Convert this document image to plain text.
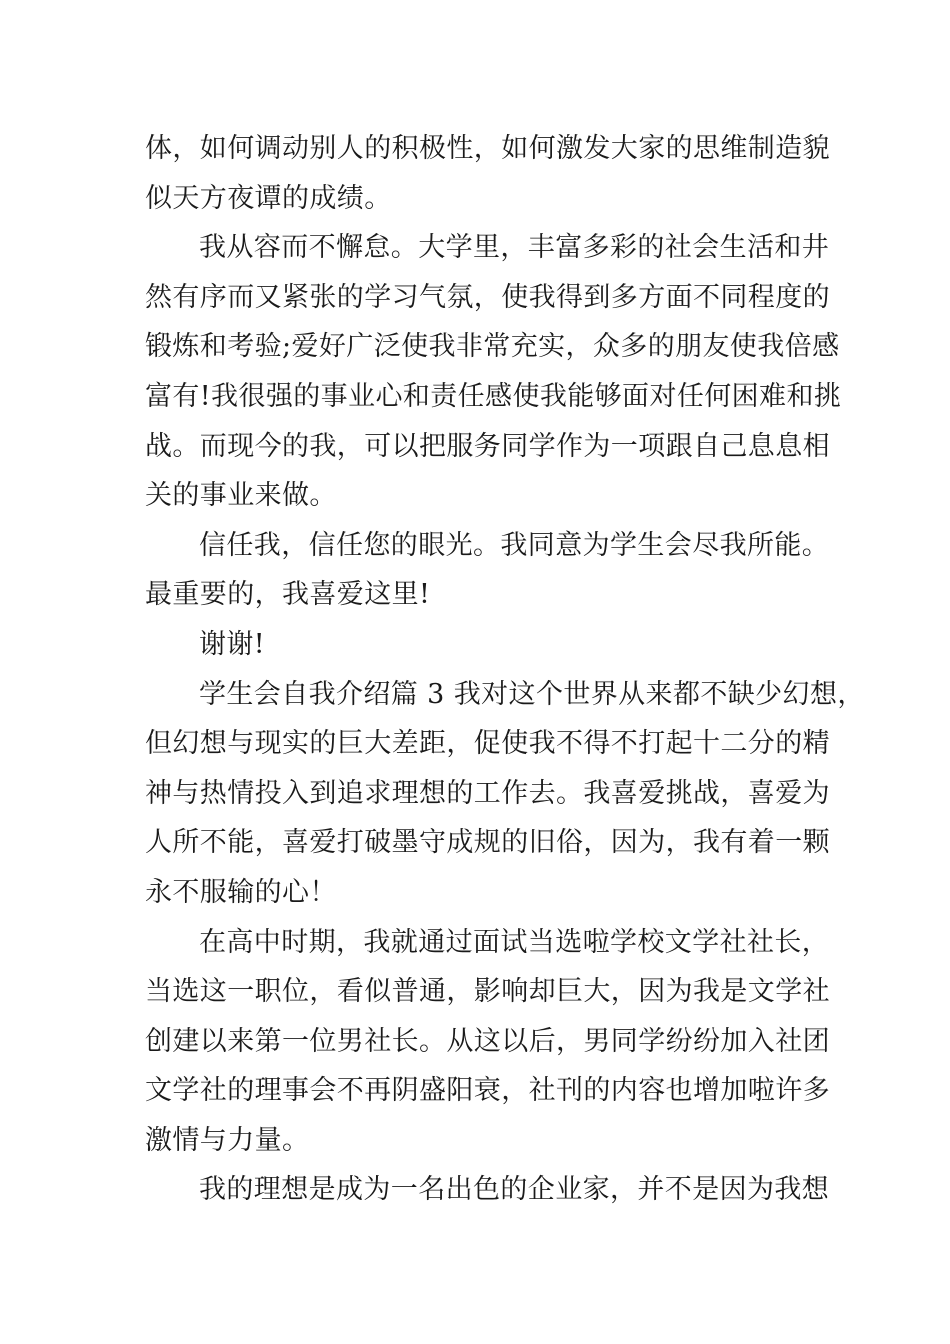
体，如何调动别人的积极性，如何激发大家的思维制造貌
似天方夜谭的成绩。
我从容而不懈怠。大学里，丰富多彩的社会生活和井
然有序而又紧张的学习气氛，使我得到多方面不同程度的
锻炼和考验;爱好广泛使我非常充实，众多的朋友使我倍感
富有!我很强的事业心和责任感使我能够面对任何困难和挑
战。而现今的我，可以把服务同学作为一项跟自己息息相
关的事业来做。
信任我，信任您的眼光。我同意为学生会尽我所能。
最重要的，我喜爱这里!
谢谢!
学生会自我介绍篇 3 我对这个世界从来都不缺少幻想，
但幻想与现实的巨大差距，促使我不得不打起十二分的精
神与热情投入到追求理想的工作去。我喜爱挑战，喜爱为
人所不能，喜爱打破墨守成规的旧俗，因为，我有着一颗
永不服输的心！
在高中时期，我就通过面试当选啦学校文学社社长，
当选这一职位，看似普通，影响却巨大，因为我是文学社
创建以来第一位男社长。从这以后，男同学纷纷加入社团
文学社的理事会不再阴盛阳衰，社刊的内容也增加啦许多
激情与力量。
我的理想是成为一名出色的企业家，并不是因为我想
